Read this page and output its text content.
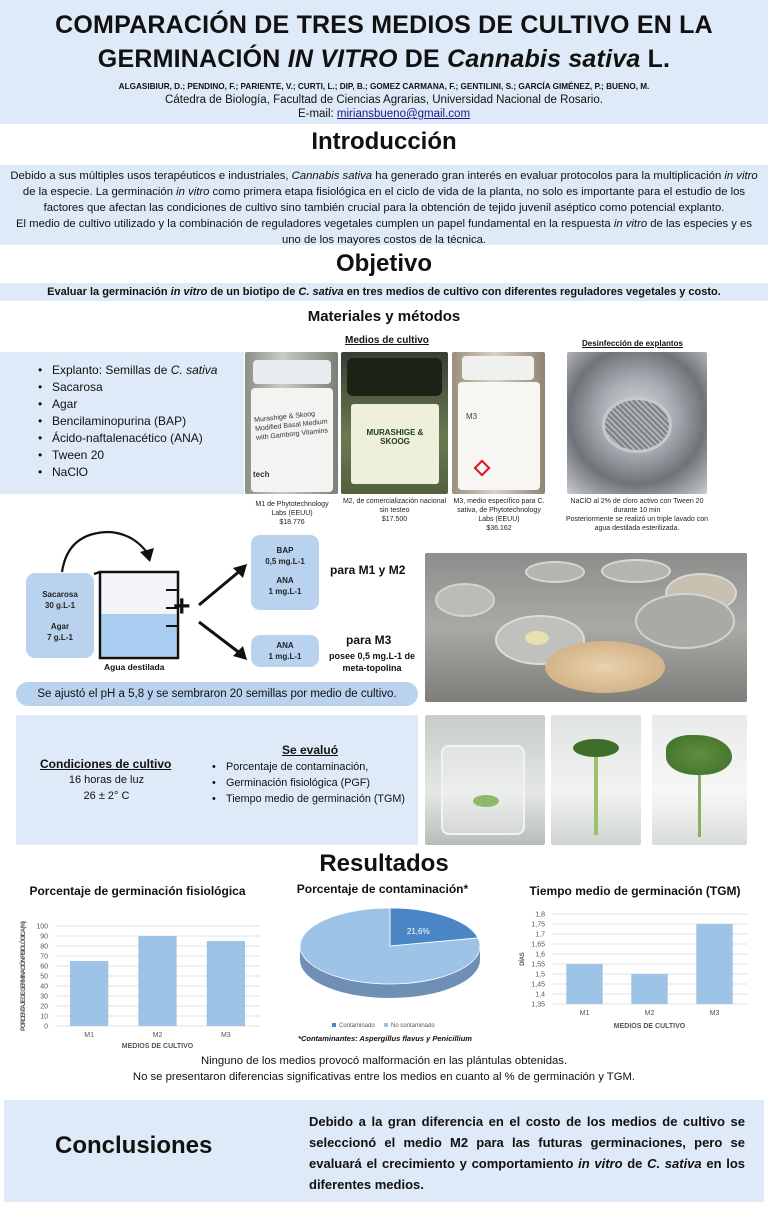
COMPARACIÓN DE TRES MEDIOS DE CULTIVO EN LA
GERMINACIÓN IN VITRO DE Cannabis sativa L.
ALGASIBIUR, D.; PENDINO, F.; PARIENTE, V.; CURTI, L.; DIP, B.; GOMEZ CARMANA, F.; GENTILINI, S.; GARCÍA GIMÉNEZ, P.; BUENO, M.
Cátedra de Biología, Facultad de Ciencias Agrarias, Universidad Nacional de Rosario.
E-mail: miriansbueno@gmail.com
Introducción
Debido a sus múltiples usos terapéuticos e industriales, Cannabis sativa ha generado gran interés en evaluar protocolos para la multiplicación in vitro de la especie. La germinación in vitro como primera etapa fisiológica en el ciclo de vida de la planta, no solo es importante para el estudio de los factores que afectan las condiciones de cultivo sino también crucial para la obtención de tejido juvenil aséptico como potencial explanto.
El medio de cultivo utilizado y la combinación de reguladores vegetales cumplen un papel fundamental en la respuesta in vitro de las especies y es uno de los mayores costos de la técnica.
Objetivo
Evaluar la germinación in vitro de un biotipo de C. sativa en tres medios de cultivo con diferentes reguladores vegetales y costo.
Materiales y métodos
Medios de cultivo	Desinfección de explantos
• Explanto: Semillas de C. sativa
• Sacarosa
• Agar
• Bencilaminopurina (BAP)
• Ácido-naftalenacético (ANA)
• Tween 20
• NaClO
Murashige & Skoog Modified Basal Medium with Gamborg Vitamins
tech
MURASHIGE & SKOOG
M3
M1 de Phytotechnology Labs (EEUU)
$18.776
M2, de comercialización nacional sin testeo
$17.500
M3, medio específico para C. sativa, de Phytotechnology Labs (EEUU)
$36.162
NaClO al 2% de cloro activo con Tween 20 durante 10 min
Posteriormente se realizó un triple lavado con agua destilada esterilizada.
Sacarosa
30 g.L-1
Agar
7 g.L-1
Agua destilada
+
BAP
0,5 mg.L-1
ANA
1 mg.L-1
ANA
1 mg.L-1
para M1 y M2
para M3
posee 0,5 mg.L-1 de meta-topolina
Se ajustó el pH a 5,8 y se sembraron 20 semillas por medio de cultivo.
Condiciones de cultivo
16 horas de luz
26 ± 2° C
Se evaluó
• Porcentaje de contaminación,
• Germinación fisiológica (PGF)
• Tiempo medio de germinación (TGM)
Resultados
Porcentaje de germinación fisiológica
0
10
20
30
40
50
60
70
80
90
100
M1	M2	M3
MEDIOS DE CULTIVO
PORCENTAJE DE GERMINACIÓN FISIOLÓGICA (%)
Porcentaje de contaminación*
21,6%
Contaminado	No contaminado
*Contaminantes: Aspergillus flavus y Penicillium
Tiempo medio de germinación (TGM)
1,35
1,4
1,45
1,5
1,55
1,6
1,65
1,7
1,75
1,8
M1	M2	M3
MEDIOS DE CULTIVO
DÍAS
Ninguno de los medios provocó malformación en las plántulas obtenidas.
No se presentaron diferencias significativas entre los medios en cuanto al % de germinación y TGM.
Conclusiones
Debido a la gran diferencia en el costo de los medios de cultivo se seleccionó el medio M2 para las futuras germinaciones, pero se evaluará el crecimiento y comportamiento in vitro de C. sativa en los diferentes medios.
